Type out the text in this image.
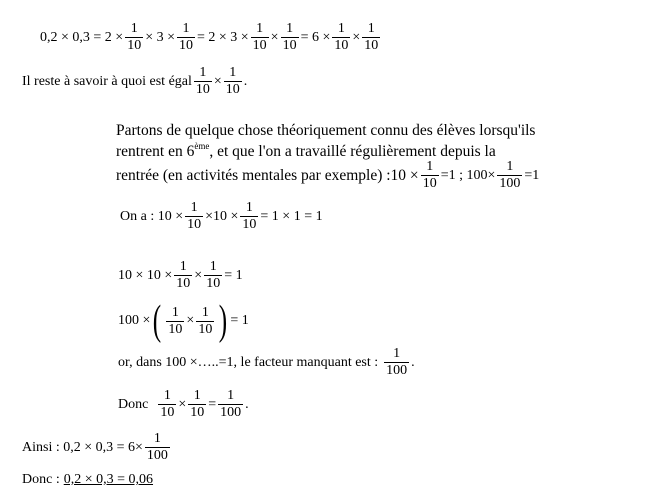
$0,2 \times 0,3 = 2 \times \frac{1}{10} \times 3 \times \frac{1}{10} = 2 \times 3 \times \frac{1}{10} \times \frac{1}{10} = 6 \times \frac{1}{10} \times \frac{1}{10}$
Il reste à savoir à quoi est égal $\frac{1}{10} \times \frac{1}{10}$ .
Partons de quelque chose théoriquement connu des élèves lorsqu'ils
rentrent en 6 ème , et que l'on a travaillé régulièrement depuis la
rentrée (en activités mentales par exemple) :10 × $\frac{1}{10} =1$ ; $100\times \frac{1}{100} =1$
On a : $10 \times \frac{1}{10} \times 10 \times \frac{1}{10} = 1 \times 1 = 1$
$10 \times 10 \times \frac{1}{10} \times \frac{1}{10} = 1$
100 × ( $\frac{1}{10} \times \frac{1}{10}$ ) = 1
or, dans 100 ×…..=1, le facteur manquant est : $\frac{1}{100}$ .
Donc $\frac{1}{10} \times \frac{1}{10} = \frac{1}{100}$ .
Ainsi : $0,2 \times 0,3 = 6\times \frac{1}{100}$
Donc : 0,2 × 0,3 = 0,06
